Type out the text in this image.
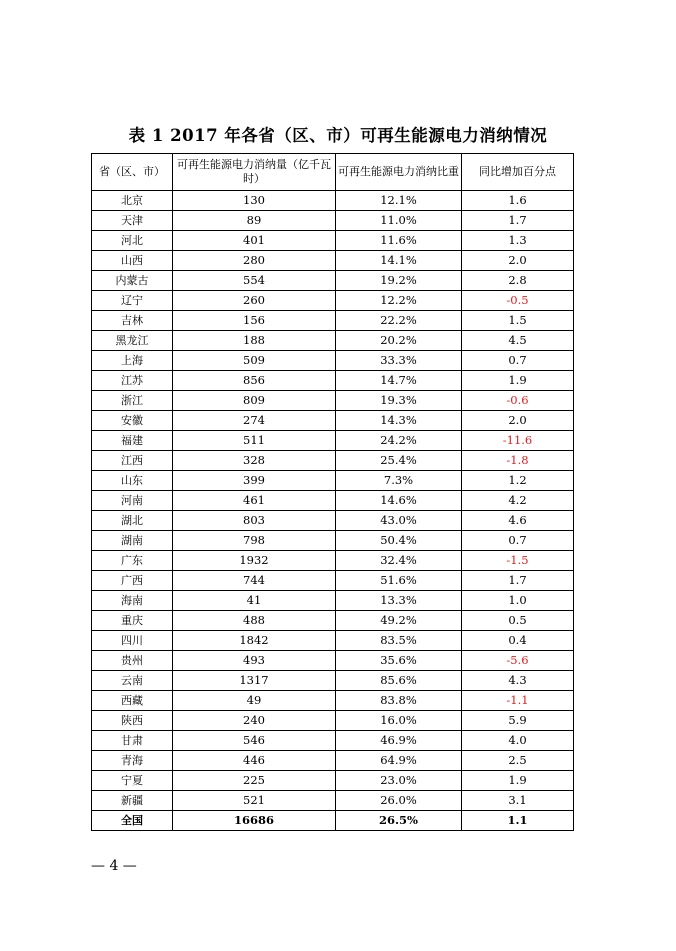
表 1 2017 年各省（区、市）可再生能源电力消纳情况
省（区、市）	可再生能源电力消纳量（亿千瓦时）	可再生能源电力消纳比重	同比增加百分点
北京	130	12.1%	1.6
天津	89	11.0%	1.7
河北	401	11.6%	1.3
山西	280	14.1%	2.0
内蒙古	554	19.2%	2.8
辽宁	260	12.2%	-0.5
吉林	156	22.2%	1.5
黑龙江	188	20.2%	4.5
上海	509	33.3%	0.7
江苏	856	14.7%	1.9
浙江	809	19.3%	-0.6
安徽	274	14.3%	2.0
福建	511	24.2%	-11.6
江西	328	25.4%	-1.8
山东	399	7.3%	1.2
河南	461	14.6%	4.2
湖北	803	43.0%	4.6
湖南	798	50.4%	0.7
广东	1932	32.4%	-1.5
广西	744	51.6%	1.7
海南	41	13.3%	1.0
重庆	488	49.2%	0.5
四川	1842	83.5%	0.4
贵州	493	35.6%	-5.6
云南	1317	85.6%	4.3
西藏	49	83.8%	-1.1
陕西	240	16.0%	5.9
甘肃	546	46.9%	4.0
青海	446	64.9%	2.5
宁夏	225	23.0%	1.9
新疆	521	26.0%	3.1
全国	16686	26.5%	1.1
— 4 —
